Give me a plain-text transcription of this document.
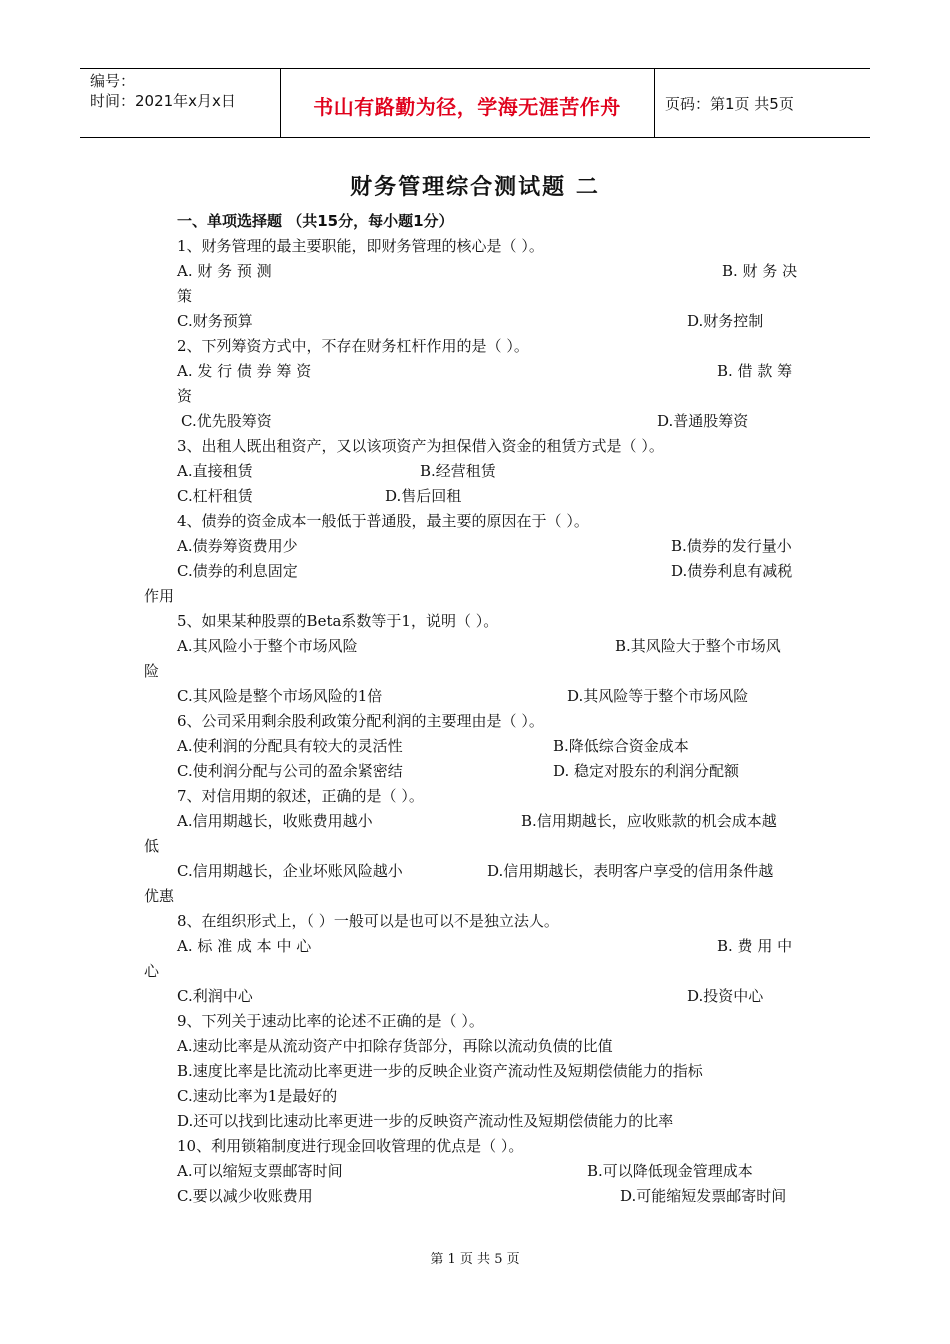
编号：
时间：2021年x月x日	书山有路勤为径，学海无涯苦作舟	页码：第1页 共5页
财务管理综合测试题 二
一、单项选择题 （共15分，每小题1分）
1、财务管理的最主要职能，即财务管理的核心是（ ）。
A. 财 务 预 测	B. 财 务 决
策
C.财务预算	D.财务控制
2、下列筹资方式中，不存在财务杠杆作用的是（ ）。
A. 发 行 债 券 筹 资	B. 借 款 筹
资
C.优先股筹资	D.普通股筹资
3、出租人既出租资产，又以该项资产为担保借入资金的租赁方式是（ ）。
A.直接租赁	B.经营租赁
C.杠杆租赁	D.售后回租
4、债券的资金成本一般低于普通股，最主要的原因在于（ ）。
A.债券筹资费用少	B.债券的发行量小
C.债券的利息固定	D.债券利息有减税
作用
5、如果某种股票的Beta系数等于1，说明（ ）。
A.其风险小于整个市场风险	B.其风险大于整个市场风
险
C.其风险是整个市场风险的1倍	D.其风险等于整个市场风险
6、公司采用剩余股利政策分配利润的主要理由是（ ）。
A.使利润的分配具有较大的灵活性	B.降低综合资金成本
C.使利润分配与公司的盈余紧密结	D. 稳定对股东的利润分配额
7、对信用期的叙述，正确的是（ ）。
A.信用期越长，收账费用越小	B.信用期越长，应收账款的机会成本越
低
C.信用期越长，企业坏账风险越小	D.信用期越长，表明客户享受的信用条件越
优惠
8、在组织形式上，（ ）一般可以是也可以不是独立法人。
A. 标 准 成 本 中 心	B. 费 用 中
心
C.利润中心	D.投资中心
9、下列关于速动比率的论述不正确的是（ ）。
A.速动比率是从流动资产中扣除存货部分，再除以流动负债的比值
B.速度比率是比流动比率更进一步的反映企业资产流动性及短期偿债能力的指标
C.速动比率为1是最好的
D.还可以找到比速动比率更进一步的反映资产流动性及短期偿债能力的比率
10、利用锁箱制度进行现金回收管理的优点是（ ）。
A.可以缩短支票邮寄时间	B.可以降低现金管理成本
C.要以减少收账费用	D.可能缩短发票邮寄时间
第 1 页 共 5 页
